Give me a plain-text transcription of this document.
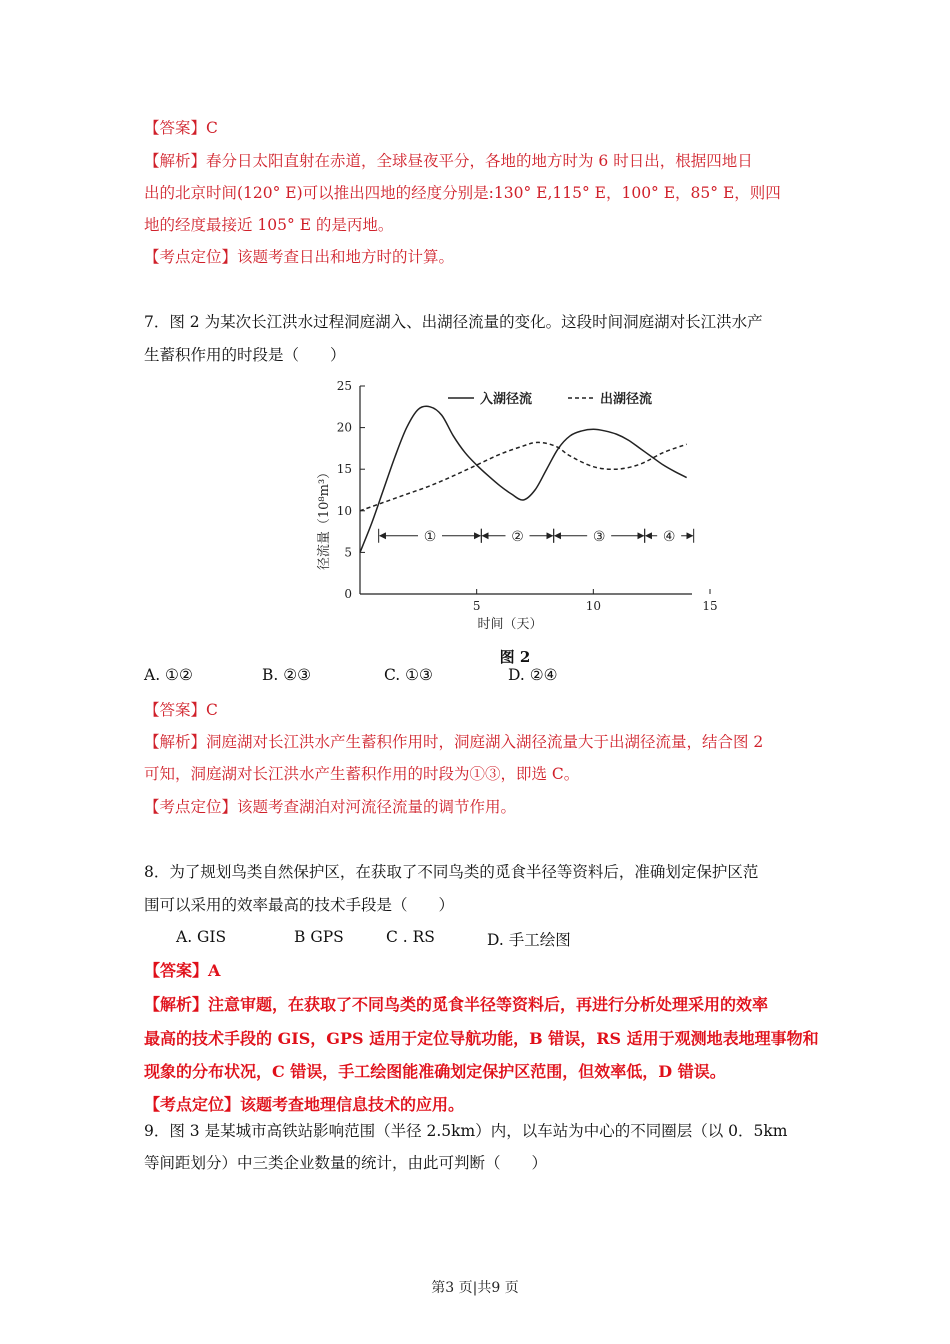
【答案】C
【解析】春分日太阳直射在赤道，全球昼夜平分，各地的地方时为 6 时日出，根据四地日
出的北京时间(120° E)可以推出四地的经度分别是:130° E,115° E，100° E，85° E，则四
地的经度最接近 105° E 的是丙地。
【考点定位】该题考查日出和地方时的计算。
7．图 2 为某次长江洪水过程洞庭湖入、出湖径流量的变化。这段时间洞庭湖对长江洪水产
生蓄积作用的时段是（　　）
0
5
10
15
20
25
5	10	15
①	②	③	④
入湖径流	出湖径流
径流量（10⁸m³）
时间（天）
图 2
A. ①②	B. ②③	C. ①③	D. ②④
【答案】C
【解析】洞庭湖对长江洪水产生蓄积作用时，洞庭湖入湖径流量大于出湖径流量，结合图 2
可知，洞庭湖对长江洪水产生蓄积作用的时段为①③，即选 C。
【考点定位】该题考查湖泊对河流径流量的调节作用。
8．为了规划鸟类自然保护区，在获取了不同鸟类的觅食半径等资料后，准确划定保护区范
围可以采用的效率最高的技术手段是（　　）
A. GIS	B GPS	C . RS	D. 手工绘图
【答案】A
【解析】注意审题，在获取了不同鸟类的觅食半径等资料后，再进行分析处理采用的效率
最高的技术手段的 GIS，GPS 适用于定位导航功能，B 错误，RS 适用于观测地表地理事物和
现象的分布状况，C 错误，手工绘图能准确划定保护区范围，但效率低，D 错误。
【考点定位】该题考查地理信息技术的应用。
9．图 3 是某城市高铁站影响范围（半径 2.5km）内，以车站为中心的不同圈层（以 0．5km
等间距划分）中三类企业数量的统计，由此可判断（　　）
第3 页|共9 页
